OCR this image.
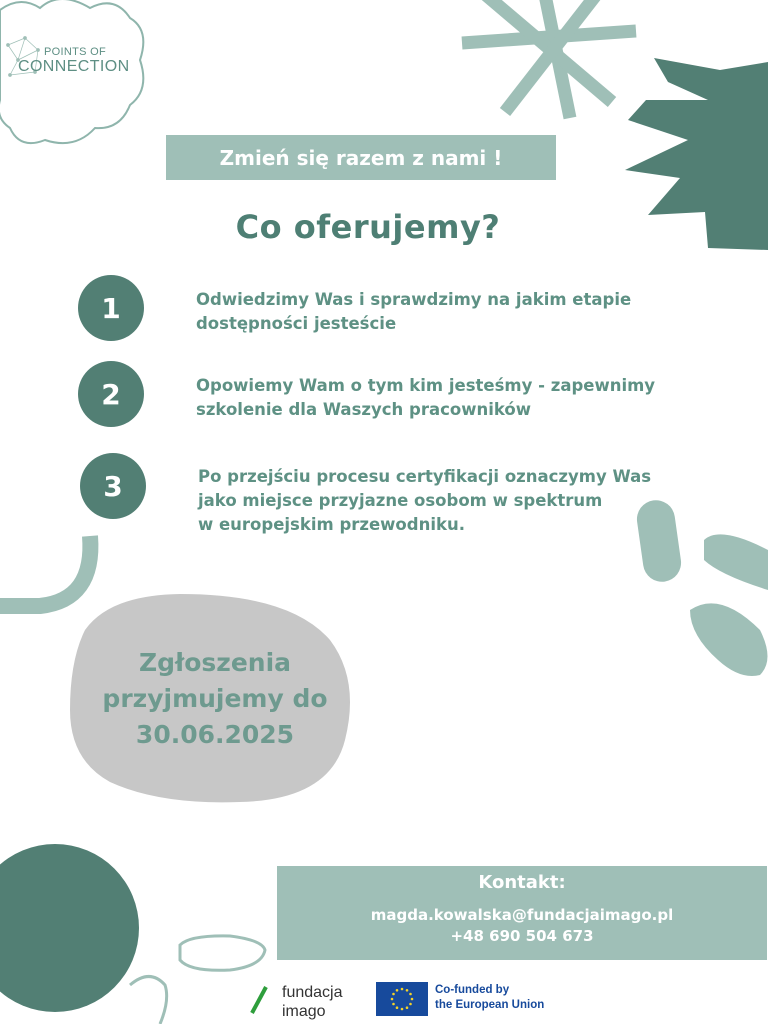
POINTS OF
CONNECTION
Zmień się razem z nami !
Co oferujemy?
1	Odwiedzimy Was i sprawdzimy na jakim etapie
dostępności jesteście
2	Opowiemy Wam o tym kim jesteśmy - zapewnimy
szkolenie dla Waszych pracowników
3	Po przejściu procesu certyfikacji oznaczymy Was
jako miejsce przyjazne osobom w spektrum
w europejskim przewodniku.
Zgłoszenia
przyjmujemy do
30.06.2025
Kontakt:
magda.kowalska@fundacjaimago.pl
+48 690 504 673
fundacja
imago
Co-funded by
the European Union
